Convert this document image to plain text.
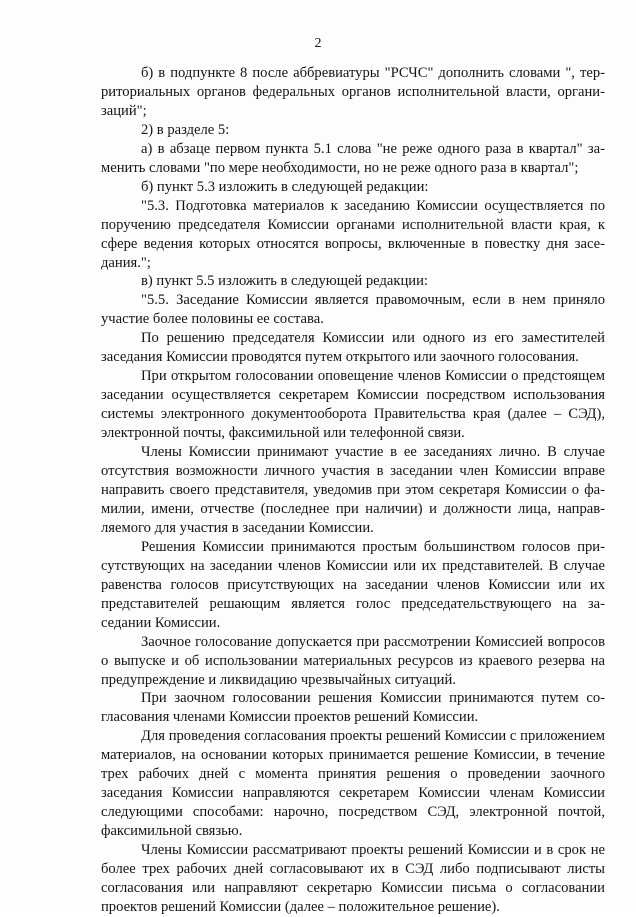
2

б) в подпункте 8 после аббревиатуры "РСЧС" дополнить словами ", территориальных органов федеральных органов исполнительной власти, организаций";

2) в разделе 5:

а) в абзаце первом пункта 5.1 слова "не реже одного раза в квартал" заменить словами "по мере необходимости, но не реже одного раза в квартал";

б) пункт 5.3 изложить в следующей редакции:

"5.3. Подготовка материалов к заседанию Комиссии осуществляется по поручению председателя Комиссии органами исполнительной власти края, к сфере ведения которых относятся вопросы, включенные в повестку дня заседания.";

в) пункт 5.5 изложить в следующей редакции:

"5.5. Заседание Комиссии является правомочным, если в нем приняло участие более половины ее состава.

По решению председателя Комиссии или одного из его заместителей заседания Комиссии проводятся путем открытого или заочного голосования.

При открытом голосовании оповещение членов Комиссии о предстоящем заседании осуществляется секретарем Комиссии посредством использования системы электронного документооборота Правительства края (далее – СЭД), электронной почты, факсимильной или телефонной связи.

Члены Комиссии принимают участие в ее заседаниях лично. В случае отсутствия возможности личного участия в заседании член Комиссии вправе направить своего представителя, уведомив при этом секретаря Комиссии о фамилии, имени, отчестве (последнее при наличии) и должности лица, направляемого для участия в заседании Комиссии.

Решения Комиссии принимаются простым большинством голосов присутствующих на заседании членов Комиссии или их представителей. В случае равенства голосов присутствующих на заседании членов Комиссии или их представителей решающим является голос председательствующего на заседании Комиссии.

Заочное голосование допускается при рассмотрении Комиссией вопросов о выпуске и об использовании материальных ресурсов из краевого резерва на предупреждение и ликвидацию чрезвычайных ситуаций.

При заочном голосовании решения Комиссии принимаются путем согласования членами Комиссии проектов решений Комиссии.

Для проведения согласования проекты решений Комиссии с приложением материалов, на основании которых принимается решение Комиссии, в течение трех рабочих дней с момента принятия решения о проведении заочного заседания Комиссии направляются секретарем Комиссии членам Комиссии следующими способами: нарочно, посредством СЭД, электронной почтой, факсимильной связью.

Члены Комиссии рассматривают проекты решений Комиссии и в срок не более трех рабочих дней согласовывают их в СЭД либо подписывают листы согласования или направляют секретарю Комиссии письма о согласовании проектов решений Комиссии (далее – положительное решение).
